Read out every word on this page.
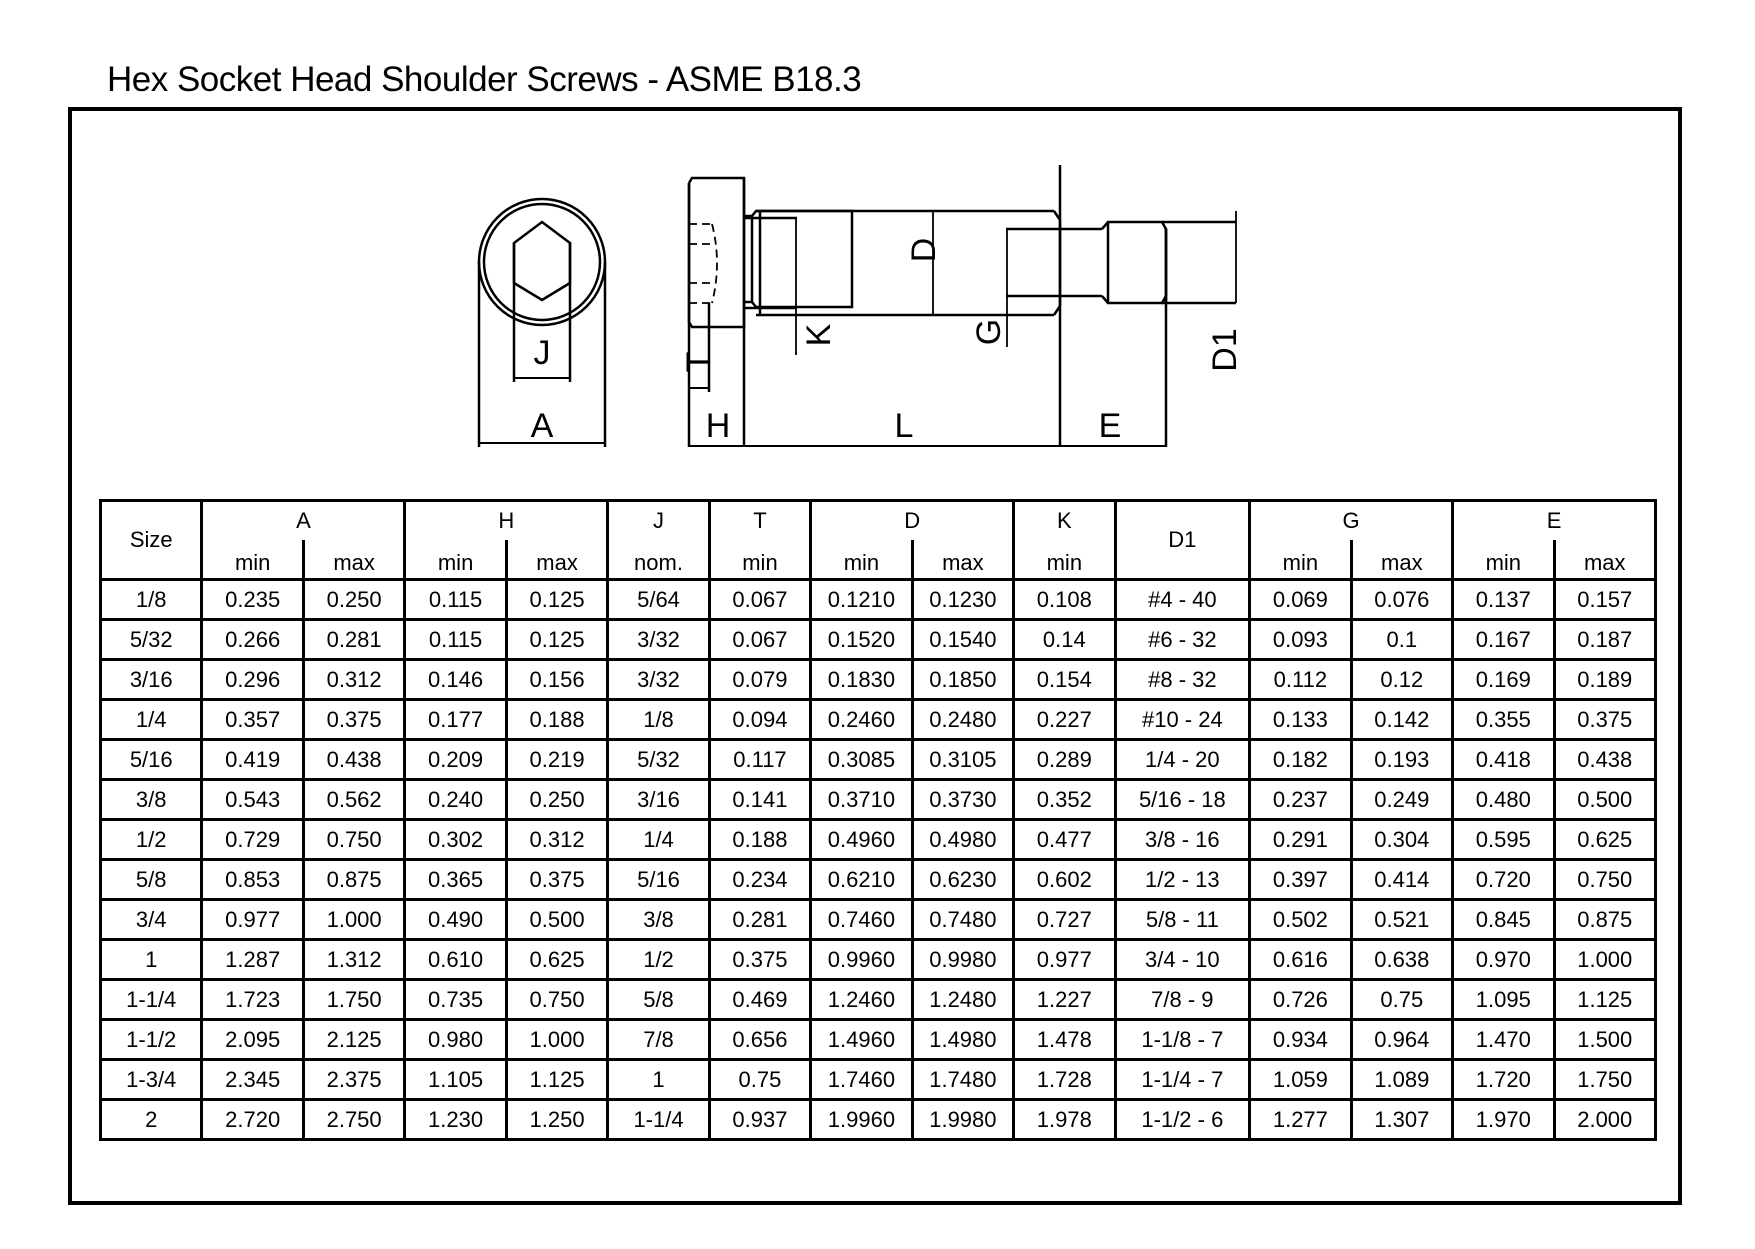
Hex Socket Head Shoulder Screws - ASME B18.3
J
A	H	L	E
T
K
D
G	D1
Size	A		H		J	T	D		K	D1	G		E	
	min	max	min	max	nom.	min	min	max	min		min	max	min	max
1/8	0.235	0.250	0.115	0.125	5/64	0.067	0.1210	0.1230	0.108	#4 - 40	0.069	0.076	0.137	0.157
5/32	0.266	0.281	0.115	0.125	3/32	0.067	0.1520	0.1540	0.14	#6 - 32	0.093	0.1	0.167	0.187
3/16	0.296	0.312	0.146	0.156	3/32	0.079	0.1830	0.1850	0.154	#8 - 32	0.112	0.12	0.169	0.189
1/4	0.357	0.375	0.177	0.188	1/8	0.094	0.2460	0.2480	0.227	#10 - 24	0.133	0.142	0.355	0.375
5/16	0.419	0.438	0.209	0.219	5/32	0.117	0.3085	0.3105	0.289	1/4 - 20	0.182	0.193	0.418	0.438
3/8	0.543	0.562	0.240	0.250	3/16	0.141	0.3710	0.3730	0.352	5/16 - 18	0.237	0.249	0.480	0.500
1/2	0.729	0.750	0.302	0.312	1/4	0.188	0.4960	0.4980	0.477	3/8 - 16	0.291	0.304	0.595	0.625
5/8	0.853	0.875	0.365	0.375	5/16	0.234	0.6210	0.6230	0.602	1/2 - 13	0.397	0.414	0.720	0.750
3/4	0.977	1.000	0.490	0.500	3/8	0.281	0.7460	0.7480	0.727	5/8 - 11	0.502	0.521	0.845	0.875
1	1.287	1.312	0.610	0.625	1/2	0.375	0.9960	0.9980	0.977	3/4 - 10	0.616	0.638	0.970	1.000
1-1/4	1.723	1.750	0.735	0.750	5/8	0.469	1.2460	1.2480	1.227	7/8 - 9	0.726	0.75	1.095	1.125
1-1/2	2.095	2.125	0.980	1.000	7/8	0.656	1.4960	1.4980	1.478	1-1/8 - 7	0.934	0.964	1.470	1.500
1-3/4	2.345	2.375	1.105	1.125	1	0.75	1.7460	1.7480	1.728	1-1/4 - 7	1.059	1.089	1.720	1.750
2	2.720	2.750	1.230	1.250	1-1/4	0.937	1.9960	1.9980	1.978	1-1/2 - 6	1.277	1.307	1.970	2.000
